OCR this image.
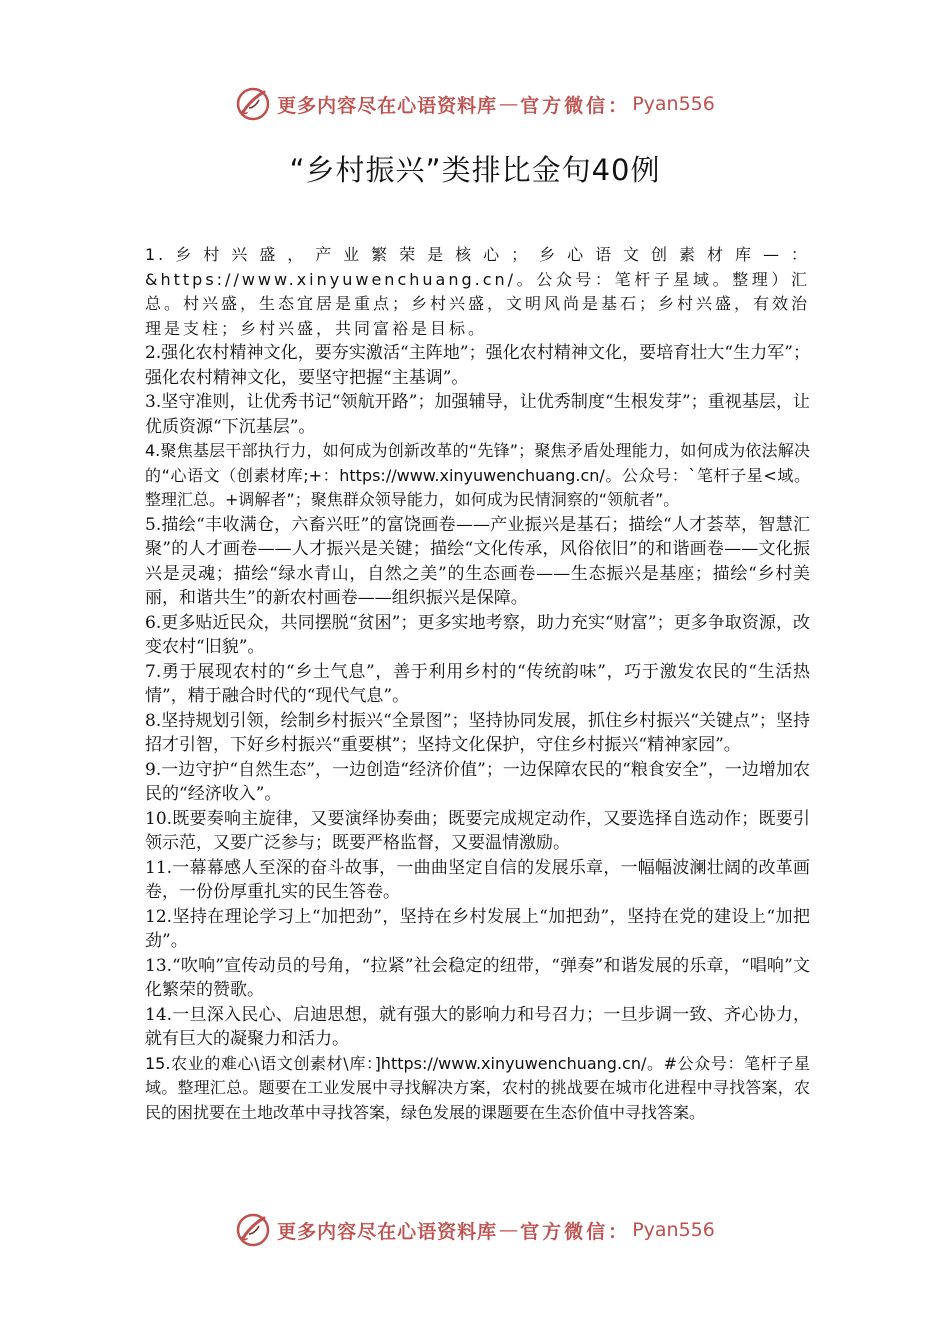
更多内容尽在心语资料库 — 官方微信： Pyan556
“乡村振兴”类排比金句40例

1.乡村兴盛，产业繁荣是核心；乡心语文创素材库—： &https://www.xinyuwenchuang.cn/。公众号：笔杆子星域。整理）汇总。村兴盛，生态宜居是重点；乡村兴盛，文明风尚是基石；乡村兴盛，有效治理是支柱；乡村兴盛，共同富裕是目标。

2.强化农村精神文化，要夯实激活“主阵地”；强化农村精神文化，要培育壮大“生力军”；强化农村精神文化，要坚守把握“主基调”。

3.坚守准则，让优秀书记“领航开路”；加强辅导，让优秀制度“生根发芽”；重视基层，让优质资源“下沉基层”。

4.聚焦基层干部执行力，如何成为创新改革的“先锋”；聚焦矛盾处理能力，如何成为依法解决的“心语文（创素材库;+：https://www.xinyuwenchuang.cn/。公众号：`笔杆子星<域。整理汇总。+调解者”；聚焦群众领导能力，如何成为民情洞察的“领航者”。

5.描绘“丰收满仓，六畜兴旺”的富饶画卷——产业振兴是基石；描绘“人才荟萃，智慧汇聚”的人才画卷——人才振兴是关键；描绘“文化传承，风俗依旧”的和谐画卷——文化振兴是灵魂；描绘“绿水青山，自然之美”的生态画卷——生态振兴是基座；描绘“乡村美丽，和谐共生”的新农村画卷——组织振兴是保障。

6.更多贴近民众，共同摆脱“贫困”；更多实地考察，助力充实“财富”；更多争取资源，改变农村“旧貌”。

7.勇于展现农村的“乡土气息”，善于利用乡村的“传统韵味”，巧于激发农民的“生活热情”，精于融合时代的“现代气息”。

8.坚持规划引领，绘制乡村振兴“全景图”；坚持协同发展，抓住乡村振兴“关键点”；坚持招才引智，下好乡村振兴“重要棋”；坚持文化保护，守住乡村振兴“精神家园”。

9.一边守护“自然生态”，一边创造“经济价值”；一边保障农民的“粮食安全”，一边增加农民的“经济收入”。

10.既要奏响主旋律，又要演绎协奏曲；既要完成规定动作，又要选择自选动作；既要引领示范，又要广泛参与；既要严格监督，又要温情激励。

11.一幕幕感人至深的奋斗故事，一曲曲坚定自信的发展乐章，一幅幅波澜壮阔的改革画卷，一份份厚重扎实的民生答卷。

12.坚持在理论学习上“加把劲”，坚持在乡村发展上“加把劲”，坚持在党的建设上“加把劲”。

13.“吹响”宣传动员的号角，“拉紧”社会稳定的纽带，“弹奏”和谐发展的乐章，“唱响”文化繁荣的赞歌。

14.一旦深入民心、启迪思想，就有强大的影响力和号召力；一旦步调一致、齐心协力，就有巨大的凝聚力和活力。

15.农业的难心\语文创素材\库：]https://www.xinyuwenchuang.cn/。#公众号：笔杆子星域。整理汇总。题要在工业发展中寻找解决方案，农村的挑战要在城市化进程中寻找答案，农民的困扰要在土地改革中寻找答案，绿色发展的课题要在生态价值中寻找答案。

更多内容尽在心语资料库 — 官方微信： Pyan556
